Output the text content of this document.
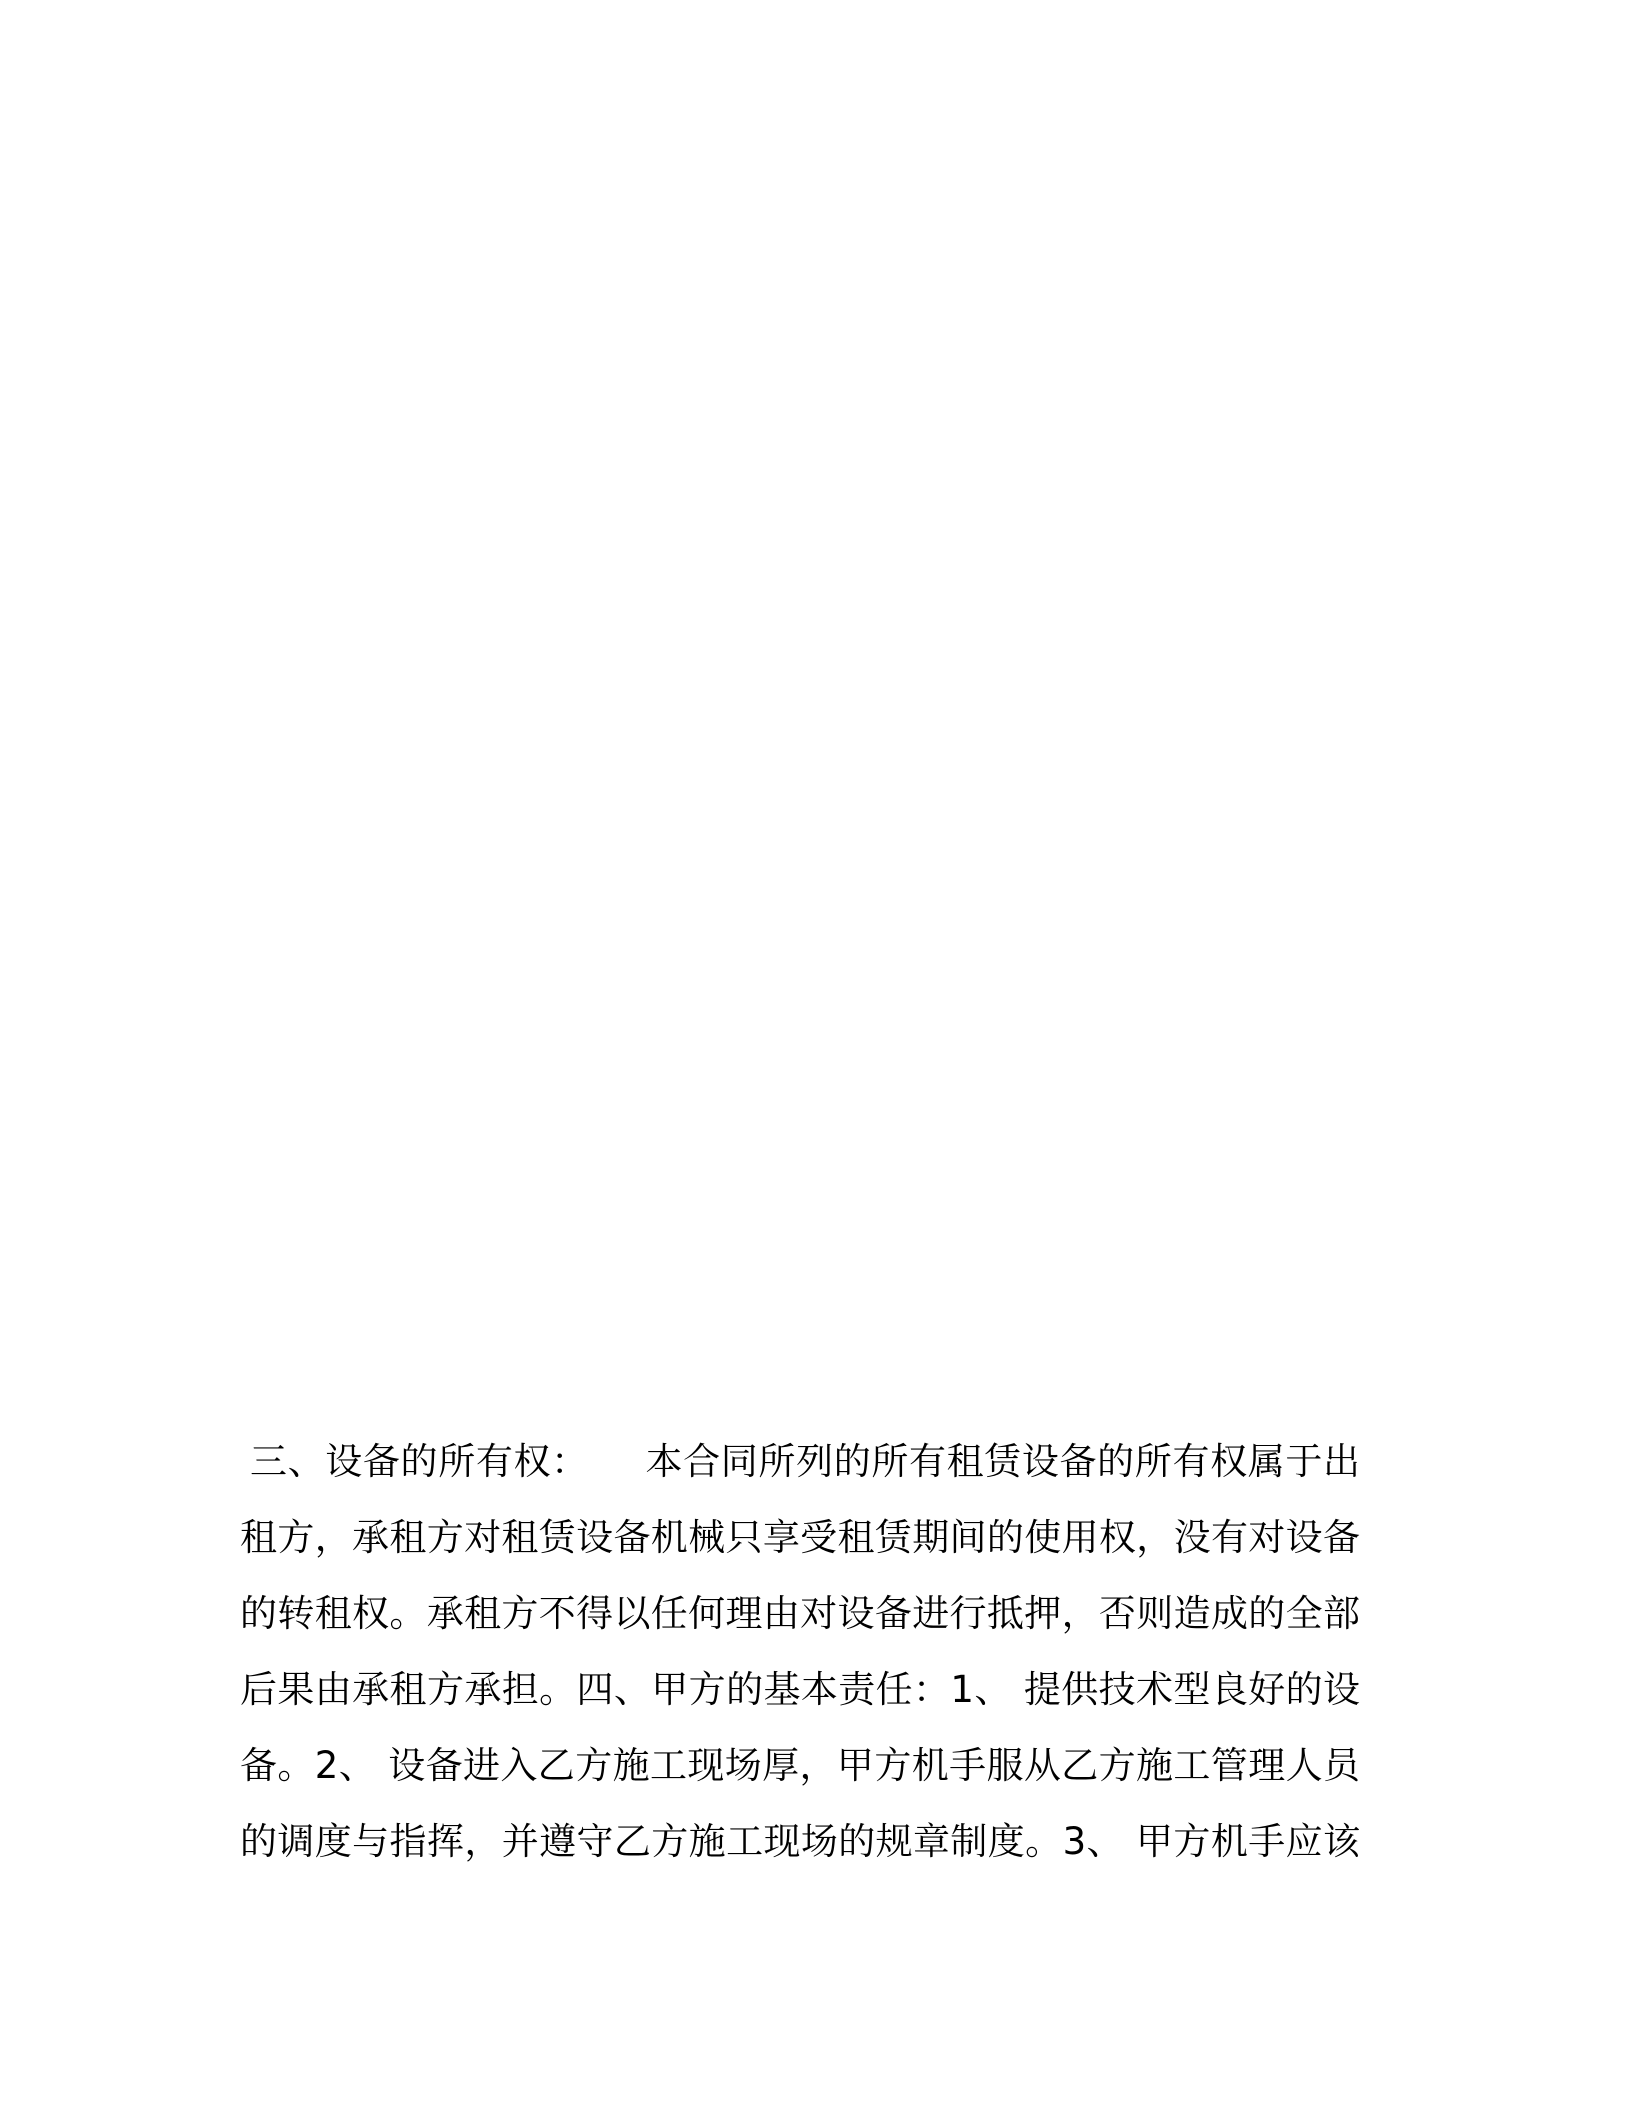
三、设备的所有权：　　本合同所列的所有租赁设备的所有权属于出
租方，承租方对租赁设备机械只享受租赁期间的使用权，没有对设备
的转租权。承租方不得以任何理由对设备进行抵押，否则造成的全部
后果由承租方承担。四、甲方的基本责任：1、 提供技术型良好的设
备。2、 设备进入乙方施工现场厚，甲方机手服从乙方施工管理人员
的调度与指挥，并遵守乙方施工现场的规章制度。3、 甲方机手应该
